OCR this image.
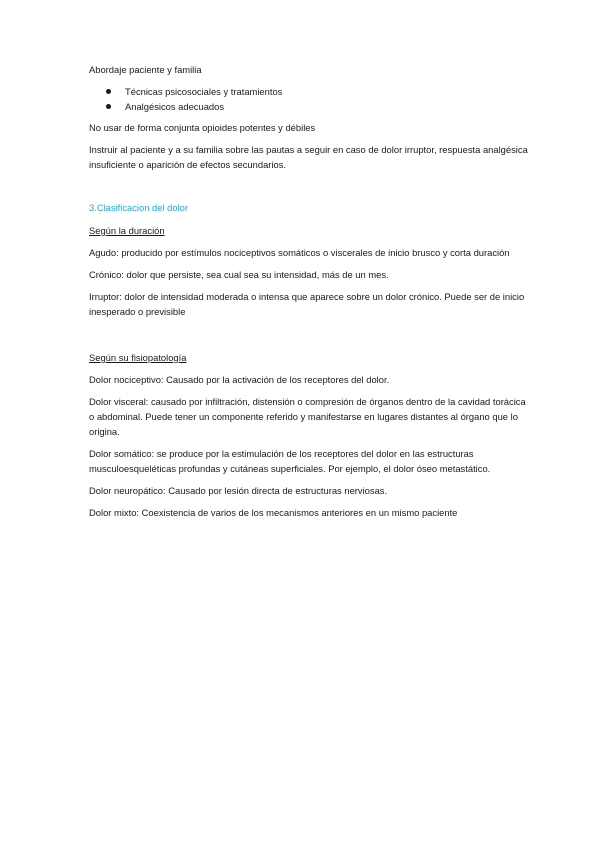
Abordaje paciente y familia

Técnicas psicosociales y tratamientos
Analgésicos adecuados

No usar de forma conjunta opioides potentes y débiles

Instruir al paciente y a su familia sobre las pautas a seguir en caso de dolor irruptor, respuesta analgésica insuficiente o aparición de efectos secundarios.

3.Clasificacion del dolor

Según la duración

Agudo: producido por estímulos nociceptivos somáticos o viscerales de inicio brusco y corta duración

Crónico: dolor que persiste, sea cual sea su intensidad, más de un mes.

Irruptor: dolor de intensidad moderada o intensa que aparece sobre un dolor crónico. Puede ser de inicio inesperado o previsible

Según su fisiopatología

Dolor nociceptivo: Causado por la activación de los receptores del dolor.

Dolor visceral: causado por infiltración, distensión o compresión de órganos dentro de la cavidad torácica o abdominal. Puede tener un componente referido y manifestarse en lugares distantes al órgano que lo origina.

Dolor somático: se produce por la estimulación de los receptores del dolor en las estructuras musculoesqueléticas profundas y cutáneas superficiales. Por ejemplo, el dolor óseo metastático.

Dolor neuropático: Causado por lesión directa de estructuras nerviosas.

Dolor mixto: Coexistencia de varios de los mecanismos anteriores en un mismo paciente
